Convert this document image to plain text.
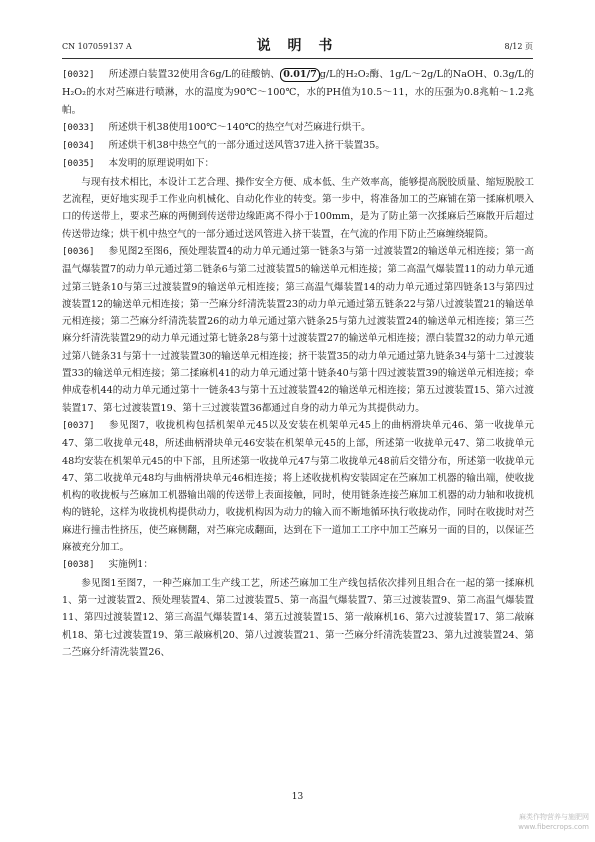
CN 107059137 A	说 明 书	8/12 页

[0032] 所述漂白装置32使用含6g/L的硅酸钠、 0.01/7 g/L的H₂O₂酶、1g/L～2g/L的NaOH、0.3g/L的H₂O₂的水对苎麻进行喷淋，水的温度为90℃～100℃，水的PH值为10.5～11，水的压强为0.8兆帕～1.2兆帕。

[0033] 所述烘干机38使用100℃～140℃的热空气对苎麻进行烘干。

[0034] 所述烘干机38中热空气的一部分通过送风管37进入挤干装置35。

[0035] 本发明的原理说明如下：

与现有技术相比，本设计工艺合理、操作安全方便、成本低、生产效率高，能够提高脱胶质量、缩短脱胶工艺流程，更好地实现手工作业向机械化、自动化作业的转变。第一步中，将准备加工的苎麻铺在第一揉麻机喂入口的传送带上，要求苎麻的两侧到传送带边缘距离不得小于100mm，是为了防止第一次揉麻后苎麻散开后超过传送带边缘；烘干机中热空气的一部分通过送风管进入挤干装置，在气流的作用下防止苎麻缠绕辊筒。

[0036] 参见图2至图6，预处理装置4的动力单元通过第一链条3与第一过渡装置2的输送单元相连接；第一高温气爆装置7的动力单元通过第二链条6与第二过渡装置5的输送单元相连接；第二高温气爆装置11的动力单元通过第三链条10与第三过渡装置9的输送单元相连接；第三高温气爆装置14的动力单元通过第四链条13与第四过渡装置12的输送单元相连接；第一苎麻分纤清洗装置23的动力单元通过第五链条22与第八过渡装置21的输送单元相连接；第二苎麻分纤清洗装置26的动力单元通过第六链条25与第九过渡装置24的输送单元相连接；第三苎麻分纤清洗装置29的动力单元通过第七链条28与第十过渡装置27的输送单元相连接；漂白装置32的动力单元通过第八链条31与第十一过渡装置30的输送单元相连接；挤干装置35的动力单元通过第九链条34与第十二过渡装置33的输送单元相连接；第二揉麻机41的动力单元通过第十链条40与第十四过渡装置39的输送单元相连接；牵伸成卷机44的动力单元通过第十一链条43与第十五过渡装置42的输送单元相连接；第五过渡装置15、第六过渡装置17、第七过渡装置19、第十三过渡装置36都通过自身的动力单元为其提供动力。

[0037] 参见图7，收拢机构包括机架单元45以及安装在机架单元45上的曲柄滑块单元46、第一收拢单元47、第二收拢单元48，所述曲柄滑块单元46安装在机架单元45的上部，所述第一收拢单元47、第二收拢单元48均安装在机架单元45的中下部，且所述第一收拢单元47与第二收拢单元48前后交错分布，所述第一收拢单元47、第二收拢单元48均与曲柄滑块单元46相连接；将上述收拢机构安装固定在苎麻加工机器的输出端，使收拢机构的收拢板与苎麻加工机器输出端的传送带上表面接触，同时，使用链条连接苎麻加工机器的动力轴和收拢机构的链轮，这样为收拢机构提供动力，收拢机构因为动力的输入而不断地循环执行收拢动作，同时在收拢时对苎麻进行撞击性挤压，使苎麻侧翻，对苎麻完成翻面，达到在下一道加工工序中加工苎麻另一面的目的，以保证苎麻被充分加工。

[0038] 实施例1：

参见图1至图7，一种苎麻加工生产线工艺，所述苎麻加工生产线包括依次排列且组合在一起的第一揉麻机1、第一过渡装置2、预处理装置4、第二过渡装置5、第一高温气爆装置7、第三过渡装置9、第二高温气爆装置11、第四过渡装置12、第三高温气爆装置14、第五过渡装置15、第一敲麻机16、第六过渡装置17、第二敲麻机18、第七过渡装置19、第三敲麻机20、第八过渡装置21、第一苎麻分纤清洗装置23、第九过渡装置24、第二苎麻分纤清洗装置26、

13
麻类作物营养与施肥网
www.fibercrops.com
